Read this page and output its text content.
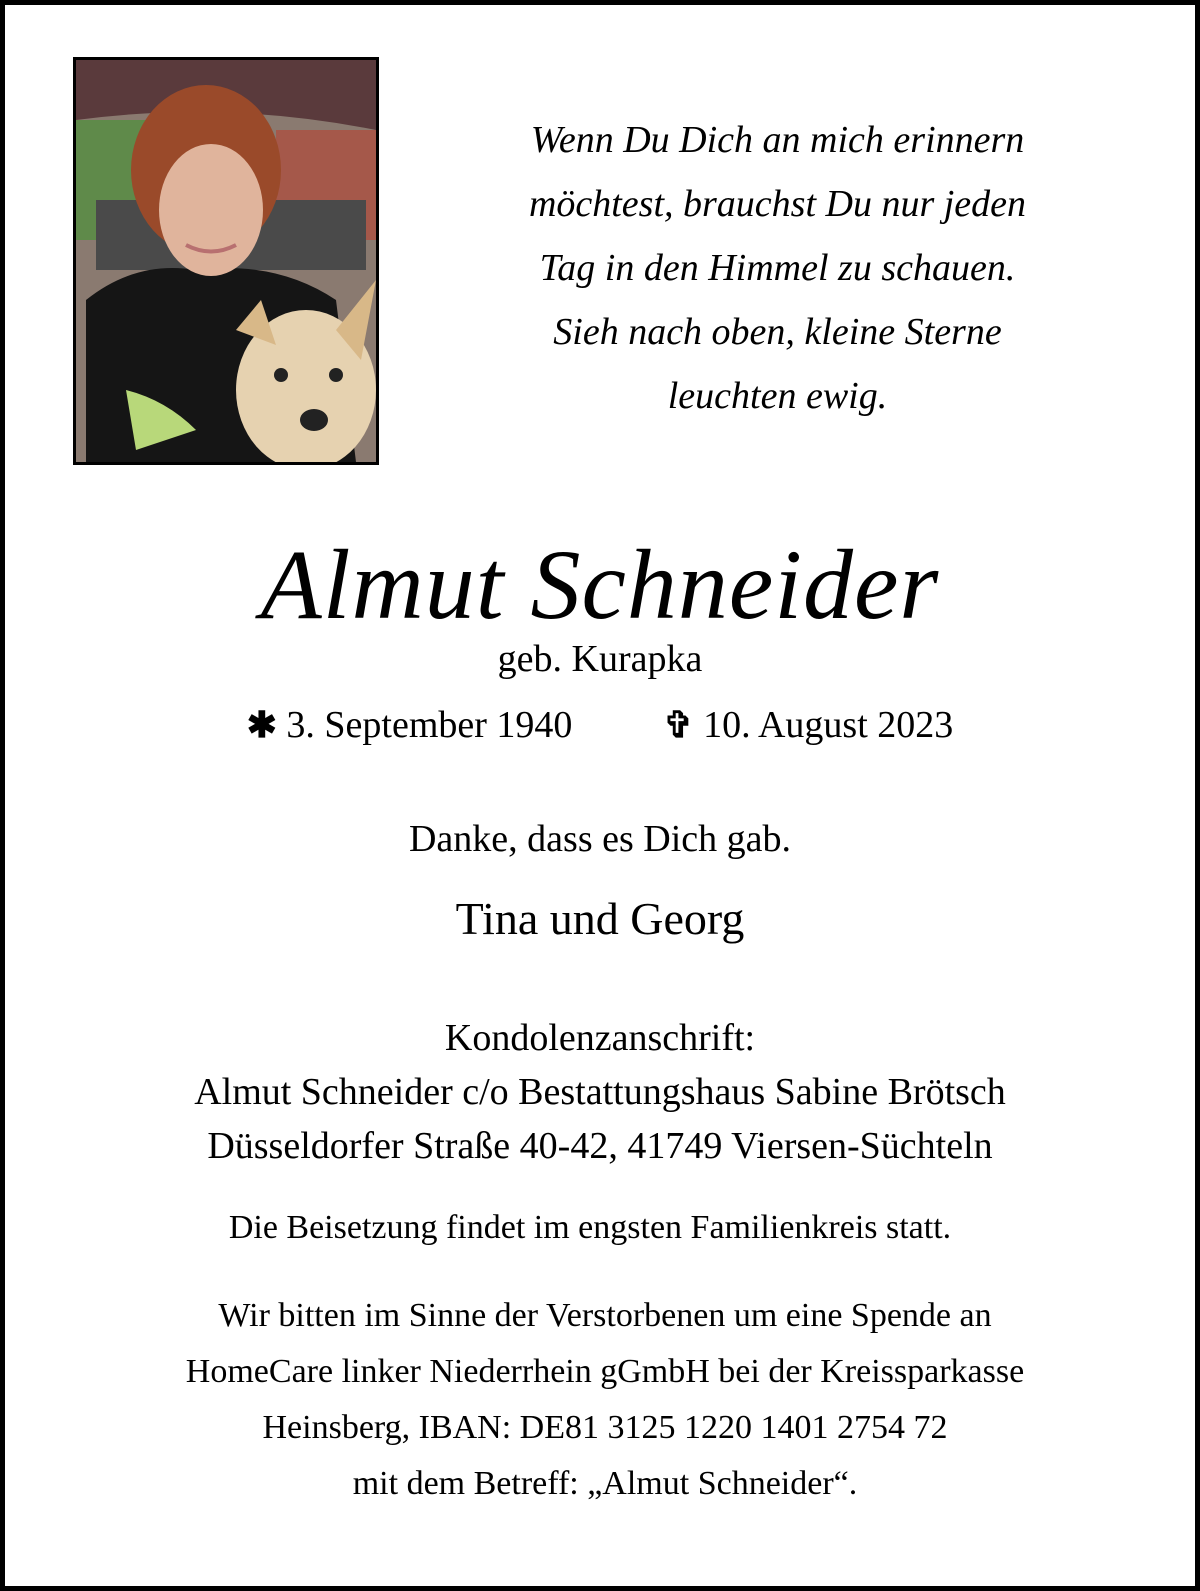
Wenn Du Dich an mich erinnern
möchtest, brauchst Du nur jeden
Tag in den Himmel zu schauen.
Sieh nach oben, kleine Sterne
leuchten ewig.
Almut Schneider
geb. Kurapka
✱ 3. September 1940	✞ 10. August 2023
Danke, dass es Dich gab.
Tina und Georg
Kondolenzanschrift:
Almut Schneider c/o Bestattungshaus Sabine Brötsch
Düsseldorfer Straße 40-42, 41749 Viersen-Süchteln
Die Beisetzung findet im engsten Familienkreis statt.
Wir bitten im Sinne der Verstorbenen um eine Spende an
HomeCare linker Niederrhein gGmbH bei der Kreissparkasse
Heinsberg, IBAN: DE81 3125 1220 1401 2754 72
mit dem Betreff: „Almut Schneider“.
